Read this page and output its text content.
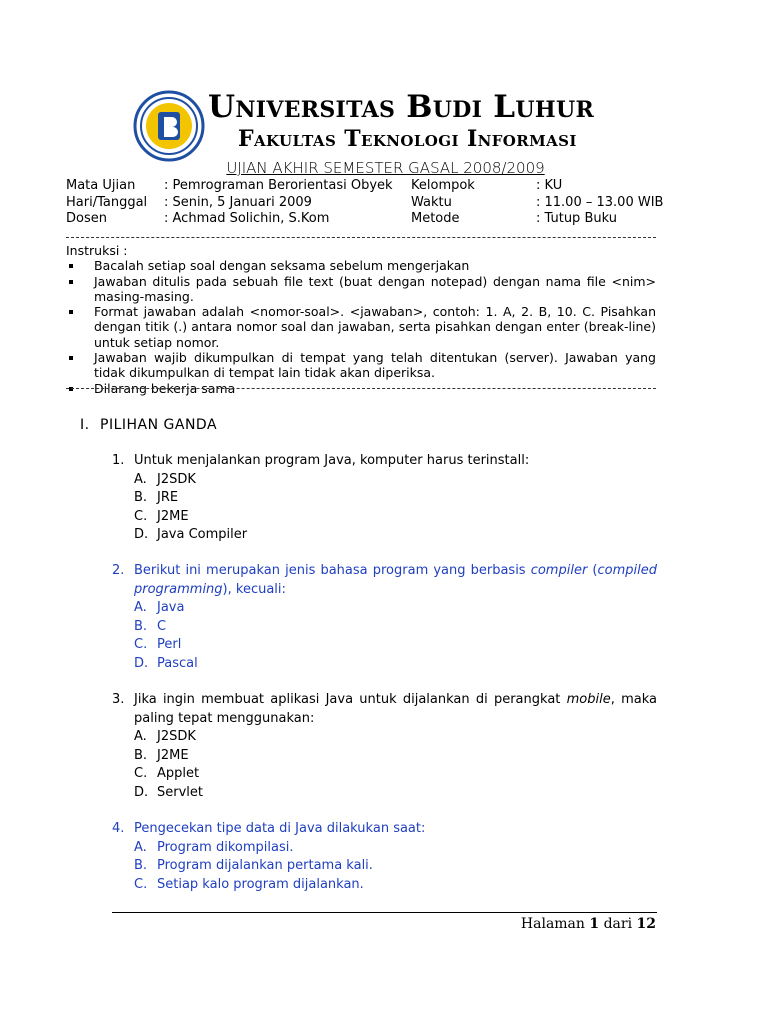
Universitas Budi Luhur
Fakultas Teknologi Informasi
UJIAN AKHIR SEMESTER GASAL 2008/2009
Mata Ujian : Pemrograman Berorientasi Obyek Kelompok	: KU
Hari/Tanggal : Senin, 5 Januari 2009	Waktu	: 11.00 – 13.00 WIB
Dosen	: Achmad Solichin, S.Kom	Metode	: Tutup Buku
Instruksi :
Bacalah setiap soal dengan seksama sebelum mengerjakan
Jawaban ditulis pada sebuah file text (buat dengan notepad) dengan nama file <nim> masing-masing.
Format jawaban adalah <nomor-soal>. <jawaban>, contoh: 1. A, 2. B, 10. C. Pisahkan dengan titik (.) antara nomor soal dan jawaban, serta pisahkan dengan enter (break-line) untuk setiap nomor.
Jawaban wajib dikumpulkan di tempat yang telah ditentukan (server). Jawaban yang tidak dikumpulkan di tempat lain tidak akan diperiksa.
Dilarang bekerja sama
I. PILIHAN GANDA
1. Untuk menjalankan program Java, komputer harus terinstall:
A. J2SDK
B. JRE
C. J2ME
D. Java Compiler
2. Berikut ini merupakan jenis bahasa program yang berbasis compiler (compiled programming), kecuali:
A. Java
B. C
C. Perl
D. Pascal
3. Jika ingin membuat aplikasi Java untuk dijalankan di perangkat mobile, maka paling tepat menggunakan:
A. J2SDK
B. J2ME
C. Applet
D. Servlet
4. Pengecekan tipe data di Java dilakukan saat:
A. Program dikompilasi.
B. Program dijalankan pertama kali.
C. Setiap kalo program dijalankan.
Halaman 1 dari 12
